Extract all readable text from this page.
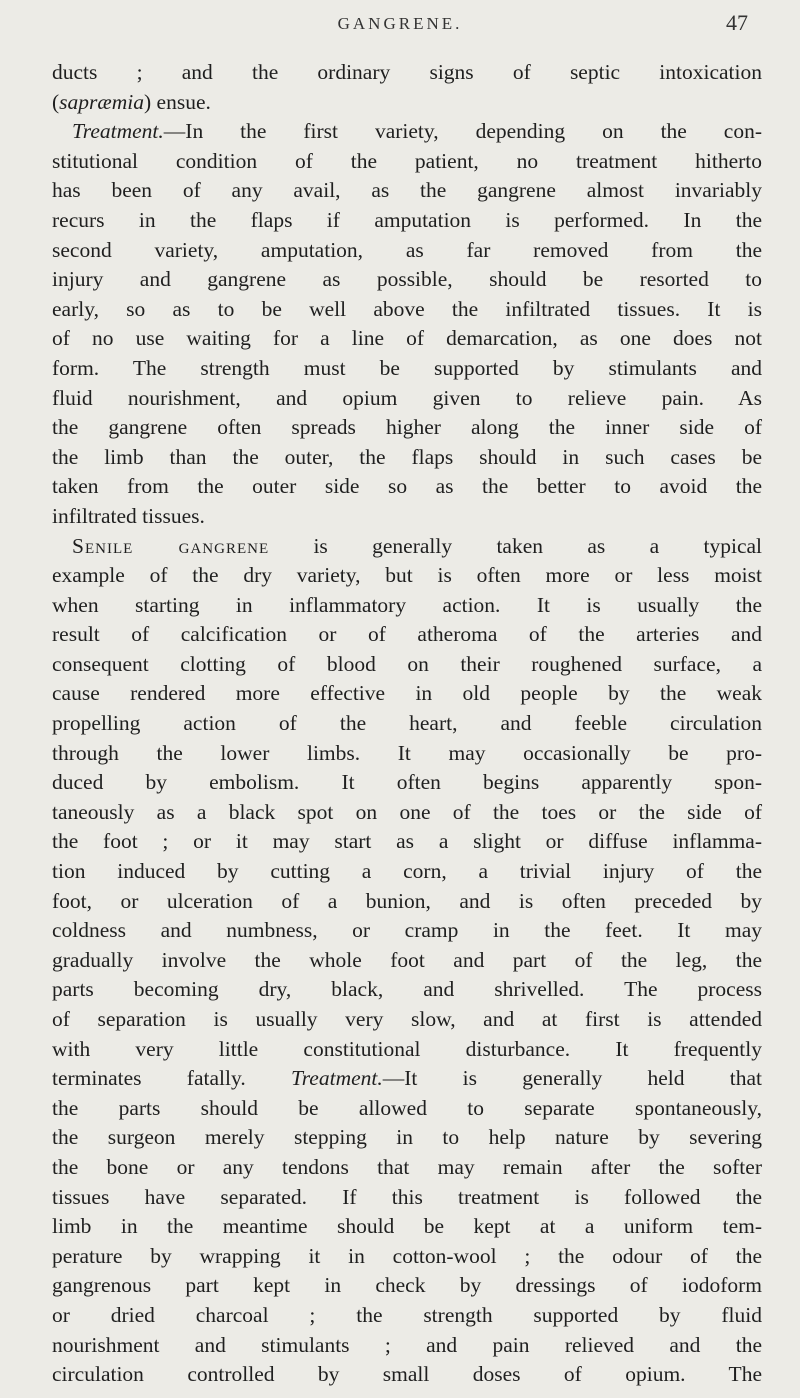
GANGRENE.	47
ducts ; and the ordinary signs of septic intoxication
(sapræmia) ensue.
Treatment.—In the first variety, depending on the con-
stitutional condition of the patient, no treatment hitherto
has been of any avail, as the gangrene almost invariably
recurs in the flaps if amputation is performed. In the
second variety, amputation, as far removed from the
injury and gangrene as possible, should be resorted to
early, so as to be well above the infiltrated tissues. It is
of no use waiting for a line of demarcation, as one does not
form. The strength must be supported by stimulants and
fluid nourishment, and opium given to relieve pain. As
the gangrene often spreads higher along the inner side of
the limb than the outer, the flaps should in such cases be
taken from the outer side so as the better to avoid the
infiltrated tissues.
Senile gangrene is generally taken as a typical
example of the dry variety, but is often more or less moist
when starting in inflammatory action. It is usually the
result of calcification or of atheroma of the arteries and
consequent clotting of blood on their roughened surface, a
cause rendered more effective in old people by the weak
propelling action of the heart, and feeble circulation
through the lower limbs. It may occasionally be pro-
duced by embolism. It often begins apparently spon-
taneously as a black spot on one of the toes or the side of
the foot ; or it may start as a slight or diffuse inflamma-
tion induced by cutting a corn, a trivial injury of the
foot, or ulceration of a bunion, and is often preceded by
coldness and numbness, or cramp in the feet. It may
gradually involve the whole foot and part of the leg, the
parts becoming dry, black, and shrivelled. The process
of separation is usually very slow, and at first is attended
with very little constitutional disturbance. It frequently
terminates fatally. Treatment.—It is generally held that
the parts should be allowed to separate spontaneously,
the surgeon merely stepping in to help nature by severing
the bone or any tendons that may remain after the softer
tissues have separated. If this treatment is followed the
limb in the meantime should be kept at a uniform tem-
perature by wrapping it in cotton-wool ; the odour of the
gangrenous part kept in check by dressings of iodoform
or dried charcoal ; the strength supported by fluid
nourishment and stimulants ; and pain relieved and the
circulation controlled by small doses of opium. The
